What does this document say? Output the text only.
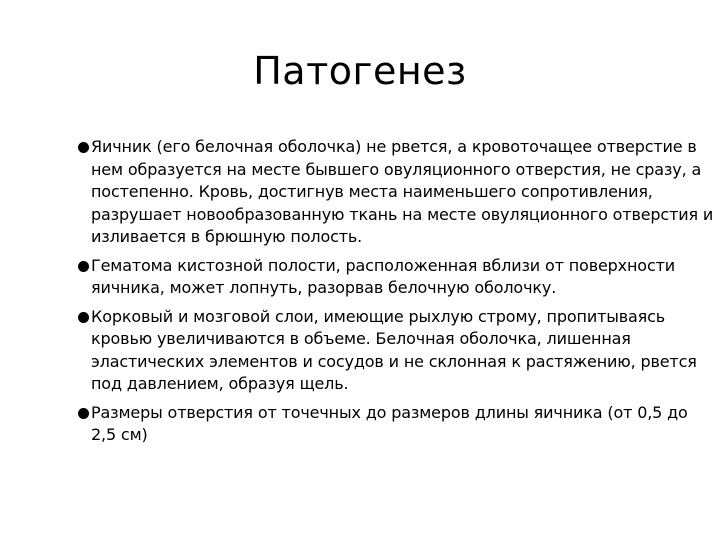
Патогенез
Яичник (его белочная оболочка) не рвется, а кровоточащее отверстие в нем образуется на месте бывшего овуляционного отверстия, не сразу, а постепенно. Кровь, достигнув места наименьшего сопротивления, разрушает новообразованную ткань на месте овуляционного отверстия и изливается в брюшную полость.
Гематома кистозной полости, расположенная вблизи от поверхности яичника, может лопнуть, разорвав белочную оболочку.
Корковый и мозговой слои, имеющие рыхлую строму, пропитываясь кровью увеличиваются в объеме. Белочная оболочка, лишенная эластических элементов и сосудов и не склонная к растяжению, рвется под давлением, образуя щель.
Размеры отверстия от точечных до размеров длины яичника (от 0,5 до 2,5 см)
